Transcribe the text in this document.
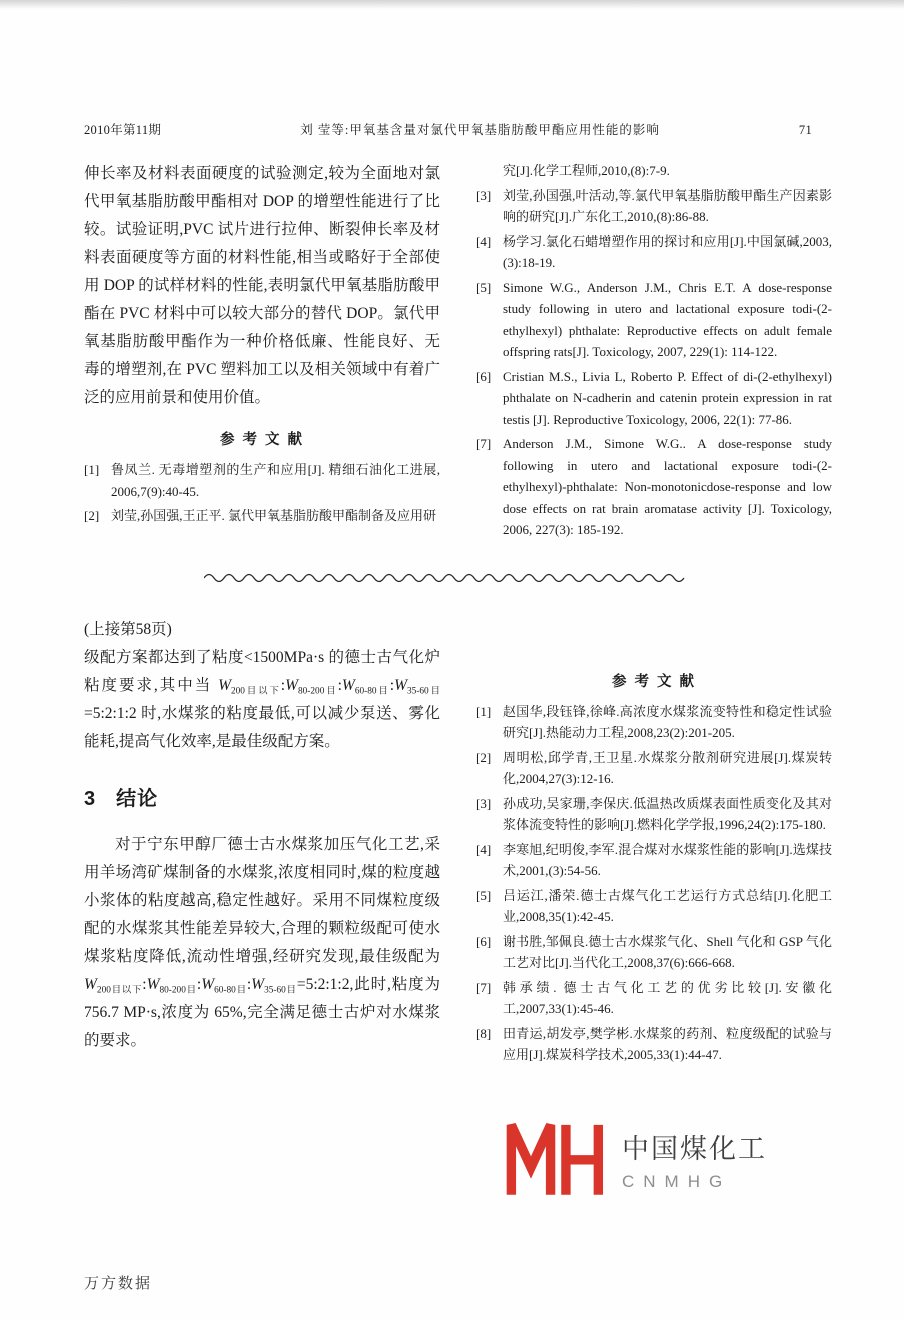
2010年第11期	刘 莹等:甲氧基含量对氯代甲氧基脂肪酸甲酯应用性能的影响	71

伸长率及材料表面硬度的试验测定,较为全面地对氯代甲氧基脂肪酸甲酯相对 DOP 的增塑性能进行了比较。试验证明,PVC 试片进行拉伸、断裂伸长率及材料表面硬度等方面的材料性能,相当或略好于全部使用 DOP 的试样材料的性能,表明氯代甲氧基脂肪酸甲酯在 PVC 材料中可以较大部分的替代 DOP。氯代甲氧基脂肪酸甲酯作为一种价格低廉、性能良好、无毒的增塑剂,在 PVC 塑料加工以及相关领域中有着广泛的应用前景和使用价值。

参 考 文 献
[1] 鲁凤兰. 无毒增塑剂的生产和应用[J]. 精细石油化工进展, 2006,7(9):40-45.
[2] 刘莹,孙国强,王正平. 氯代甲氧基脂肪酸甲酯制备及应用研

究[J].化学工程师,2010,(8):7-9.

[3] 刘莹,孙国强,叶活动,等.氯代甲氧基脂肪酸甲酯生产因素影响的研究[J].广东化工,2010,(8):86-88.
[4] 杨学习.氯化石蜡增塑作用的探讨和应用[J].中国氯碱,2003,(3):18-19.
[5] Simone W.G., Anderson J.M., Chris E.T. A dose-response study following in utero and lactational exposure todi-(2-ethylhexyl) phthalate: Reproductive effects on adult female offspring rats[J]. Toxicology, 2007, 229(1): 114-122.
[6] Cristian M.S., Livia L, Roberto P. Effect of di-(2-ethylhexyl) phthalate on N-cadherin and catenin protein expression in rat testis [J]. Reproductive Toxicology, 2006, 22(1): 77-86.
[7] Anderson J.M., Simone W.G.. A dose-response study following in utero and lactational exposure todi-(2-ethylhexyl)-phthalate: Non-monotonicdose-response and low dose effects on rat brain aromatase activity [J]. Toxicology, 2006, 227(3): 185-192.

(上接第58页)

级配方案都达到了粘度<1500MPa·s 的德士古气化炉粘度要求,其中当 $W_{200目以下}:W_{80-200目}:W_{60-80目}:W_{35-60目}=5:2:1:2$ 时,水煤浆的粘度最低,可以减少泵送、雾化能耗,提高气化效率,是最佳级配方案。

3 结论

对于宁东甲醇厂德士古水煤浆加压气化工艺,采用羊场湾矿煤制备的水煤浆,浓度相同时,煤的粒度越小浆体的粘度越高,稳定性越好。采用不同煤粒度级配的水煤浆其性能差异较大,合理的颗粒级配可使水煤浆粘度降低,流动性增强,经研究发现,最佳级配为 $W_{200目以下}:W_{80-200目}:W_{60-80目}:W_{35-60目}=5:2:1:2$,此时,粘度为 756.7 MP·s,浓度为 65%,完全满足德士古炉对水煤浆的要求。

参 考 文 献
[1] 赵国华,段钰锋,徐峰.高浓度水煤浆流变特性和稳定性试验研究[J].热能动力工程,2008,23(2):201-205.
[2] 周明松,邱学青,王卫星.水煤浆分散剂研究进展[J].煤炭转化,2004,27(3):12-16.
[3] 孙成功,吴家珊,李保庆.低温热改质煤表面性质变化及其对浆体流变特性的影响[J].燃料化学学报,1996,24(2):175-180.
[4] 李寒旭,纪明俊,李军.混合煤对水煤浆性能的影响[J].选煤技术,2001,(3):54-56.
[5] 吕运江,潘荣.德士古煤气化工艺运行方式总结[J].化肥工业,2008,35(1):42-45.
[6] 谢书胜,邹佩良.德士古水煤浆气化、Shell 气化和 GSP 气化工艺对比[J].当代化工,2008,37(6):666-668.
[7] 韩承绩. 德士古气化工艺的优劣比较[J].安徽化工,2007,33(1):45-46.
[8] 田青运,胡发亭,樊学彬.水煤浆的药剂、粒度级配的试验与应用[J].煤炭科学技术,2005,33(1):44-47.
中国煤化工
CNMHG
万方数据
